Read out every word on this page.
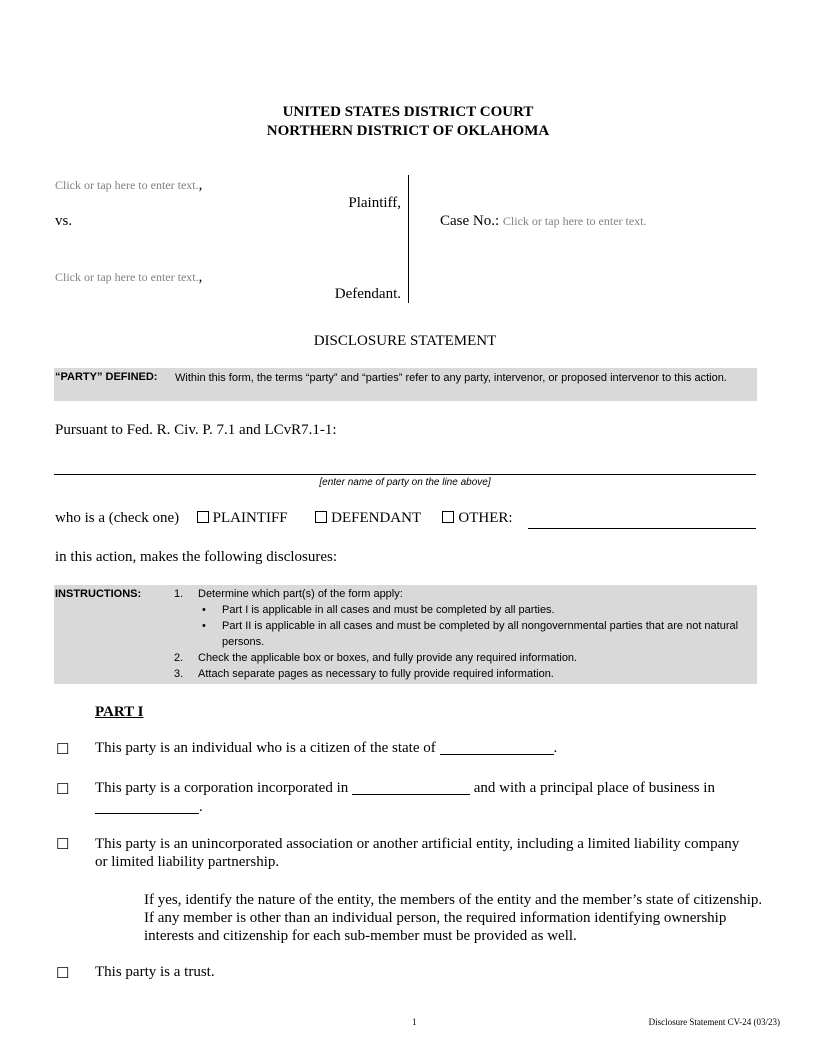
UNITED STATES DISTRICT COURT
NORTHERN DISTRICT OF OKLAHOMA
Click or tap here to enter text.,
Plaintiff,
vs.
Click or tap here to enter text.,
Defendant.
Case No.: Click or tap here to enter text.
DISCLOSURE STATEMENT
“PARTY” DEFINED: Within this form, the terms “party” and “parties” refer to any party, intervenor, or proposed intervenor to this action.
Pursuant to Fed. R. Civ. P. 7.1 and LCvR7.1-1:
[enter name of party on the line above]
who is a (check one) PLAINTIFF	DEFENDANT	OTHER:
in this action, makes the following disclosures:
INSTRUCTIONS:	1. Determine which part(s) of the form apply:
• Part I is applicable in all cases and must be completed by all parties.
• Part II is applicable in all cases and must be completed by all nongovernmental parties that are not natural persons.
2. Check the applicable box or boxes, and fully provide any required information.
3. Attach separate pages as necessary to fully provide required information.
PART I
☐ This party is an individual who is a citizen of the state of	.
☐ This party is a corporation incorporated in	and with a principal place of business in
.
☐ This party is an unincorporated association or another artificial entity, including a limited liability company or limited liability partnership.
If yes, identify the nature of the entity, the members of the entity and the member’s state of citizenship. If any member is other than an individual person, the required information identifying ownership interests and citizenship for each sub-member must be provided as well.
☐ This party is a trust.
1	Disclosure Statement CV-24 (03/23)
